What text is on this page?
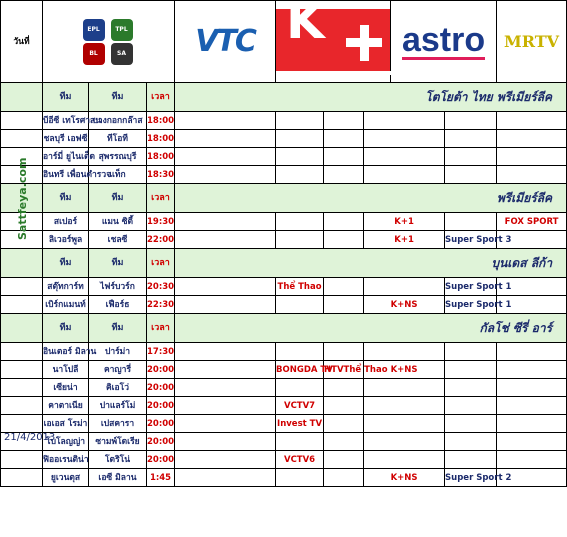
วันที่	EPL TPL
BL SA			VTC	K			astro		MRTV	

	ทีม	ทีม	เวลา	โตโยต้า ไทย พรีเมียร์ลีค							
	บีอีซี เทโรศาสน	บางกอกกล๊าส	18:00								
	ชลบุรี เอฟซี	ทีโอที	18:00								
	อาร์มี่ ยูไนเต็ด	สุพรรณบุรี	18:00								
	อินทรี เพื่อนตำรวจ	แท็ก	18:30								
	ทีม	ทีม	เวลา	พรีเมียร์ลีค							
	สเปอร์	แมน ซิตี้	19:30				K+1			FOX SPORT	
	ลิเวอร์พูล	เชลซี	22:00				K+1		Super Sport 3		
	ทีม	ทีม	เวลา	บุนเดส ลีก้า							
	สตุ๊ทการ์ท	ไฟร์บวร์ก	20:30		Thể Thao				Super Sport 1		
	เบิร์กแมนท์	เฟือร์ธ	22:30				K+NS		Super Sport 1		
	ทีม	ทีม	เวลา	กัลโช่ ซีรี่ อาร์							
	อินเตอร์ มิลาน	ปาร์ม่า	17:30								
	นาโปลี	คาญารี่	20:00		BONGDA TV	HTVThể Thao	K+NS				
	เซียน่า	คิเอโว่	20:00								
	คาตาเนีย	ปาแลร์โม่	20:00		VCTV7						
	เอเอส โรม่า	เปสคารา	20:00		Invest TV						
	โบโลญญ่า	ซามพ์โดเรีย	20:00								
	ฟิออเรนติน่า	โตริโน่	20:00		VCTV6						
	ยูเวนตุส	เอซี มิลาน	1:45				K+NS		Super Sport 2		
Sattfeya.com
21/4/2013
